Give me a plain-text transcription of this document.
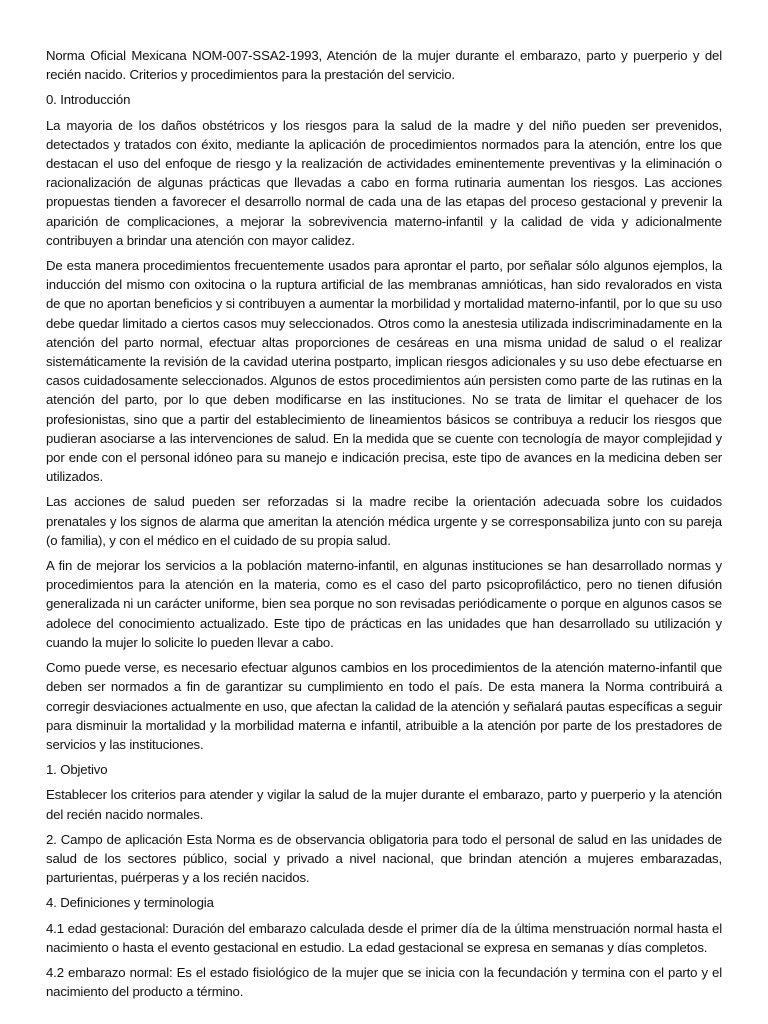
Norma Oficial Mexicana NOM-007-SSA2-1993, Atención de la mujer durante el embarazo, parto y puerperio y del recién nacido. Criterios y procedimientos para la prestación del servicio.

0. Introducción

La mayoria de los daños obstétricos y los riesgos para la salud de la madre y del niño pueden ser prevenidos, detectados y tratados con éxito, mediante la aplicación de procedimientos normados para la atención, entre los que destacan el uso del enfoque de riesgo y la realización de actividades eminentemente preventivas y la eliminación o racionalización de algunas prácticas que llevadas a cabo en forma rutinaria aumentan los riesgos. Las acciones propuestas tienden a favorecer el desarrollo normal de cada una de las etapas del proceso gestacional y prevenir la aparición de complicaciones, a mejorar la sobrevivencia materno-infantil y la calidad de vida y adicionalmente contribuyen a brindar una atención con mayor calidez.

De esta manera procedimientos frecuentemente usados para aprontar el parto, por señalar sólo algunos ejemplos, la inducción del mismo con oxitocina o la ruptura artificial de las membranas amnióticas, han sido revalorados en vista de que no aportan beneficios y si contribuyen a aumentar la morbilidad y mortalidad materno-infantil, por lo que su uso debe quedar limitado a ciertos casos muy seleccionados. Otros como la anestesia utilizada indiscriminadamente en la atención del parto normal, efectuar altas proporciones de cesáreas en una misma unidad de salud o el realizar sistemáticamente la revisión de la cavidad uterina postparto, implican riesgos adicionales y su uso debe efectuarse en casos cuidadosamente seleccionados. Algunos de estos procedimientos aún persisten como parte de las rutinas en la atención del parto, por lo que deben modificarse en las instituciones. No se trata de limitar el quehacer de los profesionistas, sino que a partir del establecimiento de lineamientos básicos se contribuya a reducir los riesgos que pudieran asociarse a las intervenciones de salud. En la medida que se cuente con tecnología de mayor complejidad y por ende con el personal idóneo para su manejo e indicación precisa, este tipo de avances en la medicina deben ser utilizados.

Las acciones de salud pueden ser reforzadas si la madre recibe la orientación adecuada sobre los cuidados prenatales y los signos de alarma que ameritan la atención médica urgente y se corresponsabiliza junto con su pareja (o familia), y con el médico en el cuidado de su propia salud.

A fin de mejorar los servicios a la población materno-infantil, en algunas instituciones se han desarrollado normas y procedimientos para la atención en la materia, como es el caso del parto psicoprofiláctico, pero no tienen difusión generalizada ni un carácter uniforme, bien sea porque no son revisadas periódicamente o porque en algunos casos se adolece del conocimiento actualizado. Este tipo de prácticas en las unidades que han desarrollado su utilización y cuando la mujer lo solicite lo pueden llevar a cabo.

Como puede verse, es necesario efectuar algunos cambios en los procedimientos de la atención materno-infantil que deben ser normados a fin de garantizar su cumplimiento en todo el país. De esta manera la Norma contribuirá a corregir desviaciones actualmente en uso, que afectan la calidad de la atención y señalará pautas específicas a seguir para disminuir la mortalidad y la morbilidad materna e infantil, atribuible a la atención por parte de los prestadores de servicios y las instituciones.

1. Objetivo

Establecer los criterios para atender y vigilar la salud de la mujer durante el embarazo, parto y puerperio y la atención del recién nacido normales.

2. Campo de aplicación Esta Norma es de observancia obligatoria para todo el personal de salud en las unidades de salud de los sectores público, social y privado a nivel nacional, que brindan atención a mujeres embarazadas, parturientas, puérperas y a los recién nacidos.

4. Definiciones y terminologia

4.1 edad gestacional: Duración del embarazo calculada desde el primer día de la última menstruación normal hasta el nacimiento o hasta el evento gestacional en estudio. La edad gestacional se expresa en semanas y días completos.

4.2 embarazo normal: Es el estado fisiológico de la mujer que se inicia con la fecundación y termina con el parto y el nacimiento del producto a término.
